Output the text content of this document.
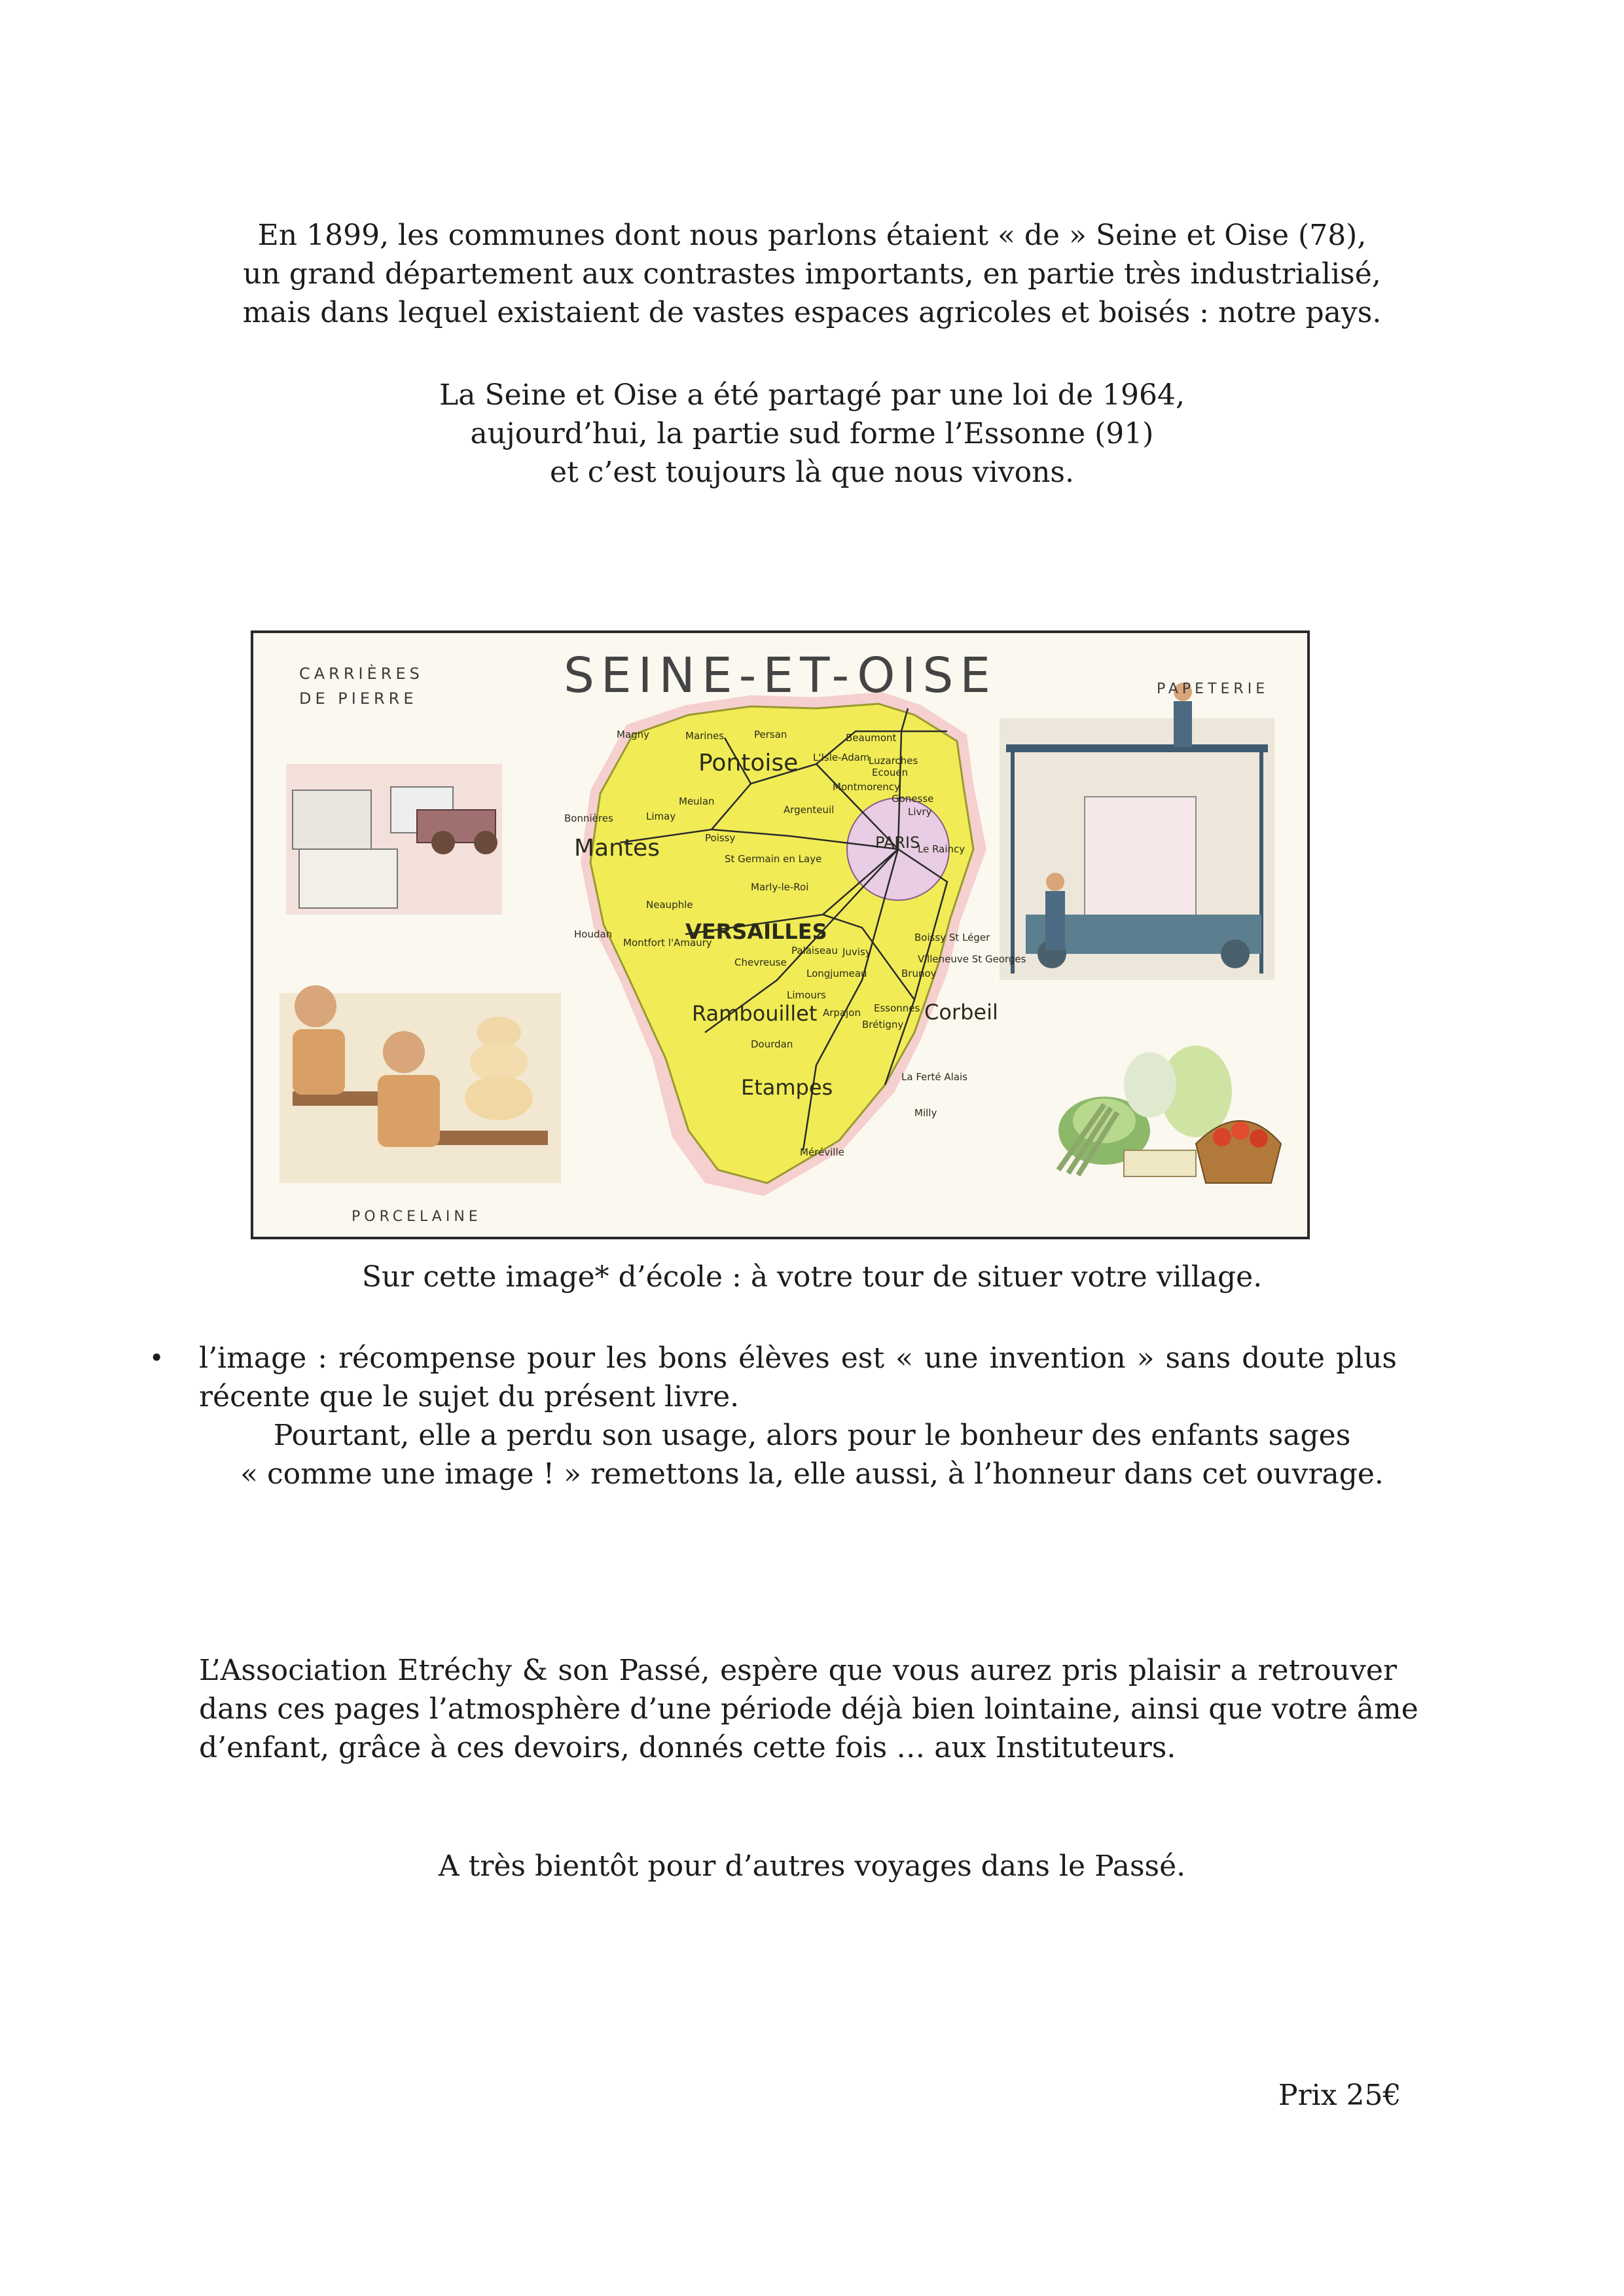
En 1899, les communes dont nous parlons étaient « de » Seine et Oise (78),
un grand département aux contrastes importants, en partie très industrialisé,
mais dans lequel existaient de vastes espaces agricoles et boisés : notre pays.
La Seine et Oise a été partagé par une loi de 1964,
aujourd’hui, la partie sud forme l’Essonne (91)
et c’est toujours là que nous vivons.
CARRIÈRES
DE PIERRE
PORCELAINE
PAPETERIE
SEINE-ET-OISE
Pontoise
Mantes	PARIS
VERSAILLES
Rambouillet	Corbeil
Etampes
Magny	Marines	Persan	Beaumont
L'Isle-Adam
Luzarches
Ecouen
Montmorency
Gonesse
Livry
Le Raincy
Meulan
Limay
Bonnières
Poissy
Argenteuil
St Germain en Laye
Marly-le-Roi
Neauphle
Houdan
Montfort l'Amaury
Chevreuse
Palaiseau Juvisy
Boissy St Léger
Villeneuve St Georges
Brunoy
Longjumeau
Limours
Arpajon
Dourdan
Essonnes
Brétigny
La Ferté Alais
Milly
Méréville

Sur cette image* d’école : à votre tour de situer votre village.

• l’image : récompense pour les bons élèves est « une invention » sans doute plus
récente que le sujet du présent livre.

Pourtant, elle a perdu son usage, alors pour le bonheur des enfants sages
« comme une image ! » remettons la, elle aussi, à l’honneur dans cet ouvrage.

L’Association Etréchy & son Passé, espère que vous aurez pris plaisir a retrouver
dans ces pages l’atmosphère d’une période déjà bien lointaine, ainsi que votre âme
d’enfant, grâce à ces devoirs, donnés cette fois … aux Instituteurs.

A très bientôt pour d’autres voyages dans le Passé.

Prix 25€
